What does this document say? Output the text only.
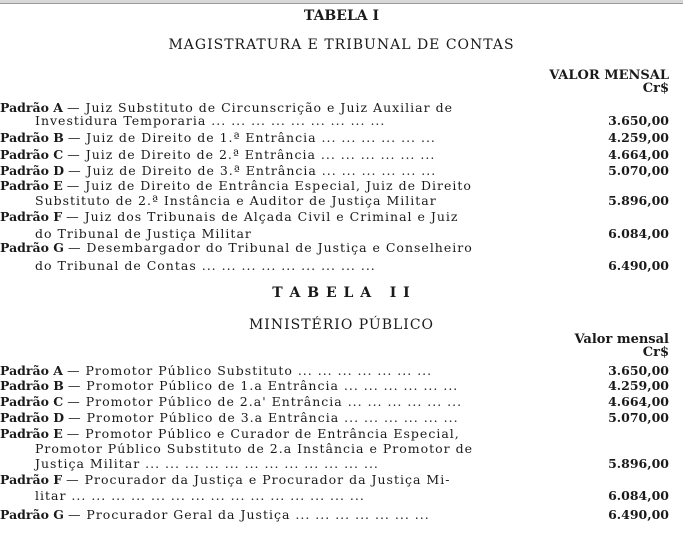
TABELA I
MAGISTRATURA E TRIBUNAL DE CONTAS
VALOR MENSAL
Cr$
Padrão A — Juiz Substituto de Circunscrição e Juiz Auxiliar de
Investidura Temporaria ... ... ... ... ... ... ... ... ...	3.650,00
Padrão B — Juiz de Direito de 1.ª Entrância ... ... ... ... ... ...	4.259,00
Padrão C — Juiz de Direito de 2.ª Entrância ... ... ... ... ... ...	4.664,00
Padrão D — Juiz de Direito de 3.ª Entrância ... ... ... ... ... ...	5.070,00
Padrão E — Juiz de Direito de Entrância Especial, Juiz de Direito
Substituto de 2.ª Instância e Auditor de Justiça Militar	5.896,00
Padrão F — Juiz dos Tribunais de Alçada Civil e Criminal e Juiz
do Tribunal de Justiça Militar	6.084,00
Padrão G — Desembargador do Tribunal de Justiça e Conselheiro
do Tribunal de Contas ... ... ... ... ... ... ... ... ...	6.490,00
T A B E L A   I I
MINISTÉRIO PÚBLICO
Valor mensal
Cr$
Padrão A — Promotor Público Substituto ... ... ... ... ... ... ...	3.650,00
Padrão B — Promotor Público de 1.a Entrância ... ... ... ... ... ...	4.259,00
Padrão C — Promotor Público de 2.a' Entrância ... ... ... ... ... ...	4.664,00
Padrão D — Promotor Público de 3.a Entrância ... ... ... ... ... ...	5.070,00
Padrão E — Promotor Público e Curador de Entrância Especial,
Promotor Público Substituto de 2.a Instância e Promotor de
Justiça Militar ... ... ... ... ... ... ... ... ... ... ... ...	5.896,00
Padrão F — Procurador da Justiça e Procurador da Justiça Mi-
litar ... ... ... ... ... ... ... ... ... ... ... ... ... ... ...	6.084,00
Padrão G — Procurador Geral da Justiça ... ... ... ... ... ... ...	6.490,00
